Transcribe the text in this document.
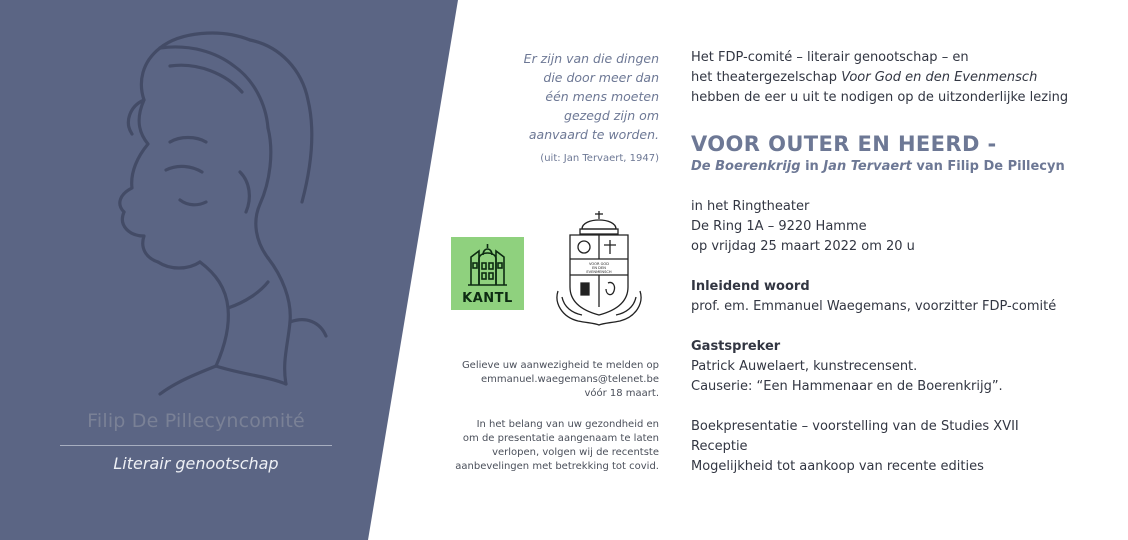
Filip De Pillecyncomité
Literair genootschap
Er zijn van die dingen
die door meer dan
één mens moeten
gezegd zijn om
aanvaard te worden.
(uit: Jan Tervaert, 1947)
KANTL
VOOR GOD
EN DEN
EVENMENSCH
Gelieve uw aanwezigheid te melden op
emmanuel.waegemans@telenet.be
vóór 18 maart.
In het belang van uw gezondheid en
om de presentatie aangenaam te laten
verlopen, volgen wij de recentste
aanbevelingen met betrekking tot covid.

Het FDP-comité – literair genootschap – en

het theatergezelschap Voor God en den Evenmensch

hebben de eer u uit te nodigen op de uitzonderlijke lezing

VOOR OUTER EN HEERD -

De Boerenkrijg in Jan Tervaert van Filip De Pillecyn

in het Ringtheater

De Ring 1A – 9220 Hamme

op vrijdag 25 maart 2022 om 20 u

Inleidend woord

prof. em. Emmanuel Waegemans, voorzitter FDP-comité

Gastspreker

Patrick Auwelaert, kunstrecensent.

Causerie: “Een Hammenaar en de Boerenkrijg”.

Boekpresentatie – voorstelling van de Studies XVII

Receptie

Mogelijkheid tot aankoop van recente edities
